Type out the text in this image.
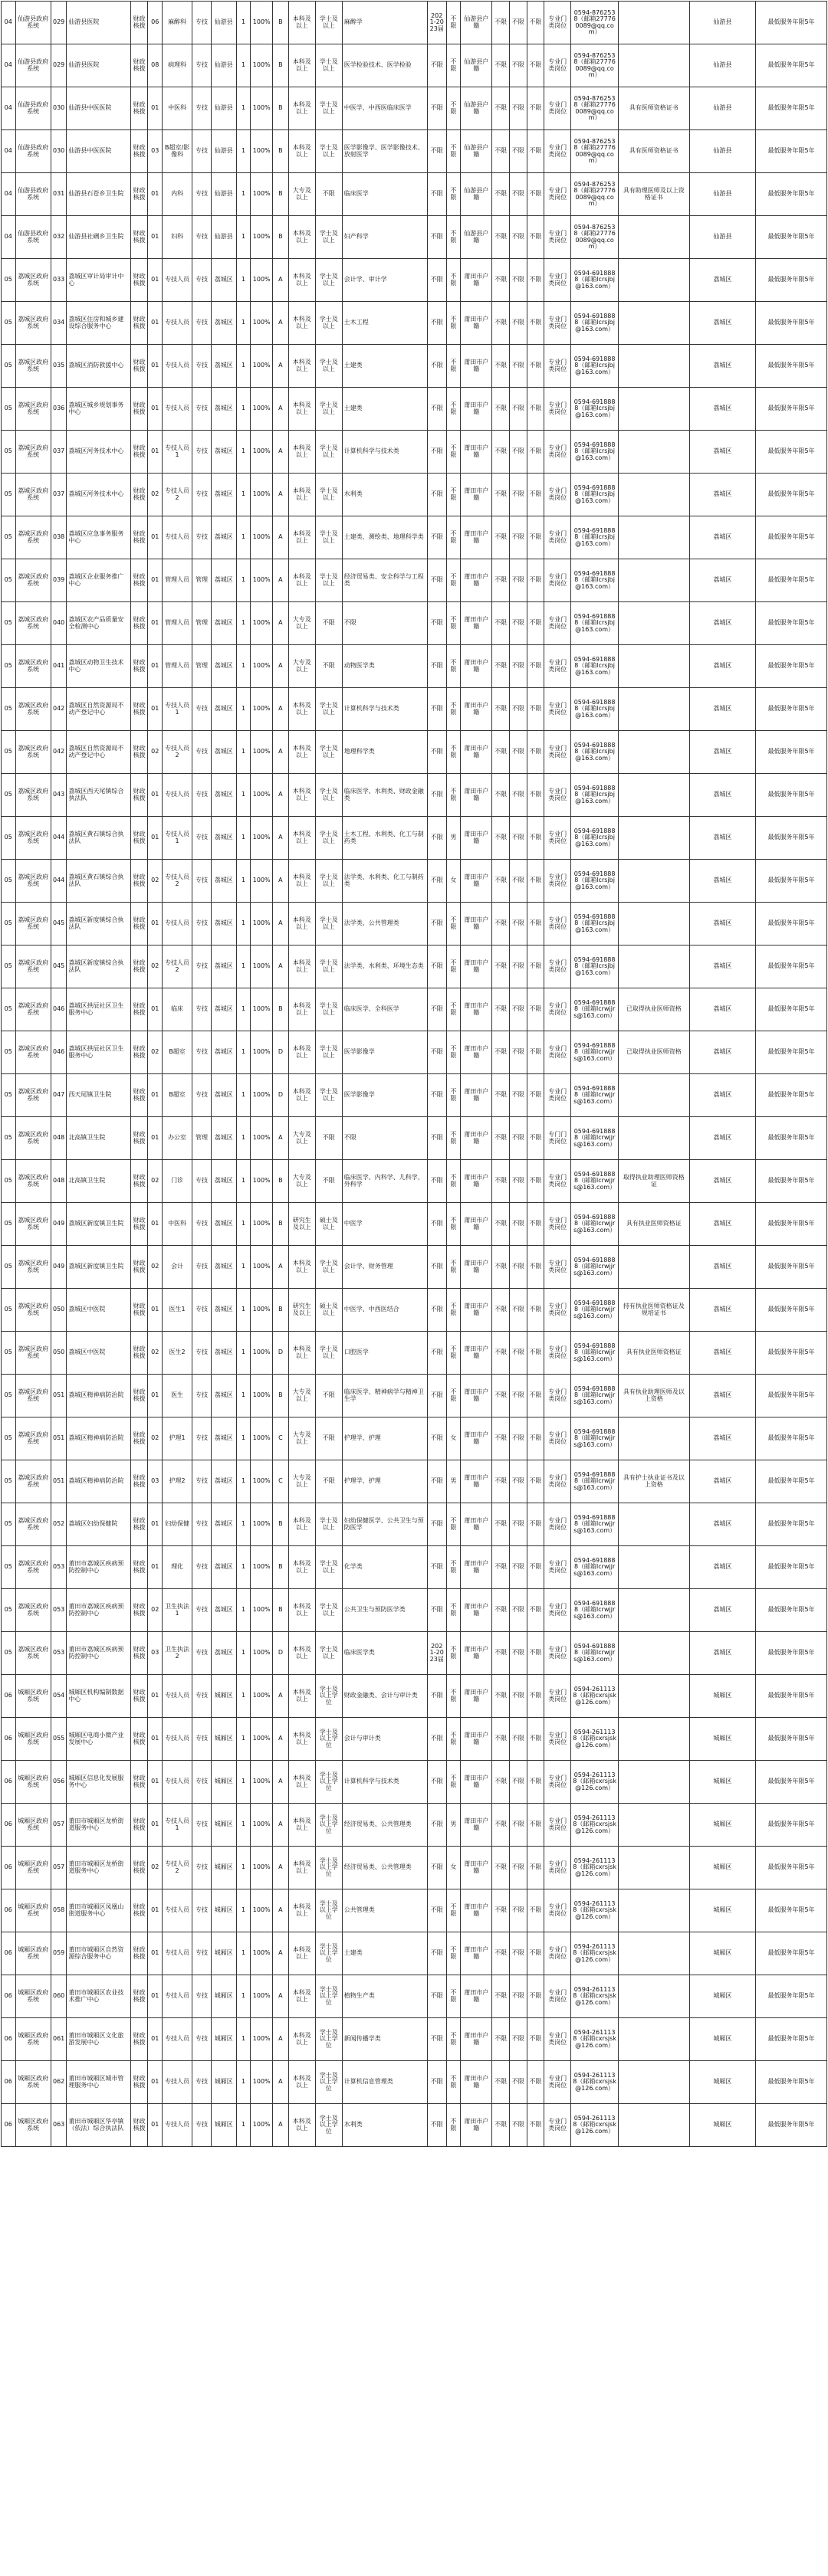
04	仙游县政府系统	029	仙游县医院	财政核拨	06	麻醉科	专技	仙游县	1	100%	B	本科及以上	学士及以上	麻醉学	2021-2023届	不限	仙游县户籍	不限	不限	不限	专业门类岗位	0594-8762538（邮箱277760089@qq.com）		仙游县	最低服务年限5年
04	仙游县政府系统	029	仙游县医院	财政核拨	08	病理科	专技	仙游县	1	100%	B	本科及以上	学士及以上	医学检验技术、医学检验	不限	不限	仙游县户籍	不限	不限	不限	专业门类岗位	0594-8762538（邮箱277760089@qq.com）		仙游县	最低服务年限5年
04	仙游县政府系统	030	仙游县中医医院	财政核拨	01	中医科	专技	仙游县	1	100%	B	本科及以上	学士及以上	中医学、中西医临床医学	不限	不限	仙游县户籍	不限	不限	不限	专业门类岗位	0594-8762538（邮箱277760089@qq.com）	具有医师资格证书	仙游县	最低服务年限5年
04	仙游县政府系统	030	仙游县中医医院	财政核拨	03	B超室/影像科	专技	仙游县	1	100%	B	本科及以上	学士及以上	医学影像学、医学影像技术、放射医学	不限	不限	仙游县户籍	不限	不限	不限	专业门类岗位	0594-8762538（邮箱277760089@qq.com）	具有医师资格证书	仙游县	最低服务年限5年
04	仙游县政府系统	031	仙游县石苍乡卫生院	财政核拨	01	内科	专技	仙游县	1	100%	B	大专及以上	不限	临床医学	不限	不限	仙游县户籍	不限	不限	不限	专业门类岗位	0594-8762538（邮箱277760089@qq.com）	具有助理医师及以上资格证书	仙游县	最低服务年限5年
04	仙游县政府系统	032	仙游县社硎乡卫生院	财政核拨	01	妇科	专技	仙游县	1	100%	B	本科及以上	学士及以上	妇产科学	不限	不限	仙游县户籍	不限	不限	不限	专业门类岗位	0594-8762538（邮箱277760089@qq.com）		仙游县	最低服务年限5年
05	荔城区政府系统	033	荔城区审计局审计中心	财政核拨	01	专技人员	专技	荔城区	1	100%	A	本科及以上	学士及以上	会计学、审计学	不限	不限	莆田市户籍	不限	不限	不限	专业门类岗位	0594-6918888（邮箱lcrsjbj@163.com）		荔城区	最低服务年限5年
05	荔城区政府系统	034	荔城区住房和城乡建设综合服务中心	财政核拨	01	专技人员	专技	荔城区	1	100%	A	本科及以上	学士及以上	土木工程	不限	不限	莆田市户籍	不限	不限	不限	专业门类岗位	0594-6918888（邮箱lcrsjbj@163.com）		荔城区	最低服务年限5年
05	荔城区政府系统	035	荔城区消防救援中心	财政核拨	01	专技人员	专技	荔城区	1	100%	A	本科及以上	学士及以上	土建类	不限	不限	莆田市户籍	不限	不限	不限	专业门类岗位	0594-6918888（邮箱lcrsjbj@163.com）		荔城区	最低服务年限5年
05	荔城区政府系统	036	荔城区城乡规划事务中心	财政核拨	01	专技人员	专技	荔城区	1	100%	A	本科及以上	学士及以上	土建类	不限	不限	莆田市户籍	不限	不限	不限	专业门类岗位	0594-6918888（邮箱lcrsjbj@163.com）		荔城区	最低服务年限5年
05	荔城区政府系统	037	荔城区河务技术中心	财政核拨	01	专技人员1	专技	荔城区	1	100%	A	本科及以上	学士及以上	计算机科学与技术类	不限	不限	莆田市户籍	不限	不限	不限	专业门类岗位	0594-6918888（邮箱lcrsjbj@163.com）		荔城区	最低服务年限5年
05	荔城区政府系统	037	荔城区河务技术中心	财政核拨	02	专技人员2	专技	荔城区	1	100%	A	本科及以上	学士及以上	水利类	不限	不限	莆田市户籍	不限	不限	不限	专业门类岗位	0594-6918888（邮箱lcrsjbj@163.com）		荔城区	最低服务年限5年
05	荔城区政府系统	038	荔城区应急事务服务中心	财政核拨	01	专技人员	专技	荔城区	1	100%	A	本科及以上	学士及以上	土建类、测绘类、地理科学类	不限	不限	莆田市户籍	不限	不限	不限	专业门类岗位	0594-6918888（邮箱lcrsjbj@163.com）		荔城区	最低服务年限5年
05	荔城区政府系统	039	荔城区企业服务推广中心	财政核拨	01	管理人员	管理	荔城区	1	100%	A	本科及以上	学士及以上	经济贸易类、安全科学与工程类	不限	不限	莆田市户籍	不限	不限	不限	专业门类岗位	0594-6918888（邮箱lcrsjbj@163.com）		荔城区	最低服务年限5年
05	荔城区政府系统	040	荔城区农产品质量安全检测中心	财政核拨	01	管理人员	管理	荔城区	1	100%	A	大专及以上	不限	不限	不限	不限	莆田市户籍	不限	不限	不限	专业门类岗位	0594-6918888（邮箱lcrsjbj@163.com）		荔城区	最低服务年限5年
05	荔城区政府系统	041	荔城区动物卫生技术中心	财政核拨	01	管理人员	管理	荔城区	1	100%	A	大专及以上	不限	动物医学类	不限	不限	莆田市户籍	不限	不限	不限	专业门类岗位	0594-6918888（邮箱lcrsjbj@163.com）		荔城区	最低服务年限5年
05	荔城区政府系统	042	荔城区自然资源局不动产登记中心	财政核拨	01	专技人员1	专技	荔城区	1	100%	A	本科及以上	学士及以上	计算机科学与技术类	不限	不限	莆田市户籍	不限	不限	不限	专业门类岗位	0594-6918888（邮箱lcrsjbj@163.com）		荔城区	最低服务年限5年
05	荔城区政府系统	042	荔城区自然资源局不动产登记中心	财政核拨	02	专技人员2	专技	荔城区	1	100%	A	本科及以上	学士及以上	地理科学类	不限	不限	莆田市户籍	不限	不限	不限	专业门类岗位	0594-6918888（邮箱lcrsjbj@163.com）		荔城区	最低服务年限5年
05	荔城区政府系统	043	荔城区西天尾镇综合执法队	财政核拨	01	专技人员	专技	荔城区	1	100%	A	本科及以上	学士及以上	临床医学、水利类、财政金融类	不限	不限	莆田市户籍	不限	不限	不限	专业门类岗位	0594-6918888（邮箱lcrsjbj@163.com）		荔城区	最低服务年限5年
05	荔城区政府系统	044	荔城区黄石镇综合执法队	财政核拨	01	专技人员1	专技	荔城区	1	100%	A	本科及以上	学士及以上	土木工程、水利类、化工与制药类	不限	男	莆田市户籍	不限	不限	不限	专业门类岗位	0594-6918888（邮箱lcrsjbj@163.com）		荔城区	最低服务年限5年
05	荔城区政府系统	044	荔城区黄石镇综合执法队	财政核拨	02	专技人员2	专技	荔城区	1	100%	A	本科及以上	学士及以上	法学类、水利类、化工与制药类	不限	女	莆田市户籍	不限	不限	不限	专业门类岗位	0594-6918888（邮箱lcrsjbj@163.com）		荔城区	最低服务年限5年
05	荔城区政府系统	045	荔城区新度镇综合执法队	财政核拨	01	专技人员	专技	荔城区	1	100%	A	本科及以上	学士及以上	法学类、公共管理类	不限	不限	莆田市户籍	不限	不限	不限	专业门类岗位	0594-6918888（邮箱lcrsjbj@163.com）		荔城区	最低服务年限5年
05	荔城区政府系统	045	荔城区新度镇综合执法队	财政核拨	02	专技人员2	专技	荔城区	1	100%	A	本科及以上	学士及以上	法学类、水利类、环境生态类	不限	不限	莆田市户籍	不限	不限	不限	专业门类岗位	0594-6918888（邮箱lcrsjbj@163.com）		荔城区	最低服务年限5年
05	荔城区政府系统	046	荔城区拱辰社区卫生服务中心	财政核拨	01	临床	专技	荔城区	1	100%	B	本科及以上	学士及以上	临床医学、全科医学	不限	不限	莆田市户籍	不限	不限	不限	专业门类岗位	0594-6918888（邮箱lcrwjjrs@163.com）	已取得执业医师资格	荔城区	最低服务年限5年
05	荔城区政府系统	046	荔城区拱辰社区卫生服务中心	财政核拨	02	B超室	专技	荔城区	1	100%	D	本科及以上	学士及以上	医学影像学	不限	不限	莆田市户籍	不限	不限	不限	专业门类岗位	0594-6918888（邮箱lcrwjjrs@163.com）	已取得执业医师资格	荔城区	最低服务年限5年
05	荔城区政府系统	047	西天尾镇卫生院	财政核拨	01	B超室	专技	荔城区	1	100%	D	本科及以上	学士及以上	医学影像学	不限	不限	莆田市户籍	不限	不限	不限	专业门类岗位	0594-6918888（邮箱lcrwjjrs@163.com）		荔城区	最低服务年限5年
05	荔城区政府系统	048	北高镇卫生院	财政核拨	01	办公室	管理	荔城区	1	100%	A	大专及以上	不限	不限	不限	不限	莆田市户籍	不限	不限	不限	专门门类岗位	0594-6918888（邮箱lcrwjjrs@163.com）		荔城区	最低服务年限5年
05	荔城区政府系统	048	北高镇卫生院	财政核拨	02	门诊	专技	荔城区	1	100%	B	大专及以上	不限	临床医学、内科学、儿科学、外科学	不限	不限	莆田市户籍	不限	不限	不限	专业门类岗位	0594-6918888（邮箱lcrwjjrs@163.com）	取得执业助理医师资格证	荔城区	最低服务年限5年
05	荔城区政府系统	049	荔城区新度镇卫生院	财政核拨	01	中医科	专技	荔城区	1	100%	B	研究生及以上	硕士及以上	中医学	不限	不限	莆田市户籍	不限	不限	不限	专业门类岗位	0594-6918888（邮箱lcrwjjrs@163.com）	具有执业医师资格证	荔城区	最低服务年限5年
05	荔城区政府系统	049	荔城区新度镇卫生院	财政核拨	02	会计	专技	荔城区	1	100%	A	本科及以上	学士及以上	会计学、财务管理	不限	不限	莆田市户籍	不限	不限	不限	专业门类岗位	0594-6918888（邮箱lcrwjjrs@163.com）		荔城区	最低服务年限5年
05	荔城区政府系统	050	荔城区中医院	财政核拨	01	医生1	专技	荔城区	1	100%	B	研究生及以上	硕士及以上	中医学、中西医结合	不限	不限	莆田市户籍	不限	不限	不限	专业门类岗位	0594-6918888（邮箱lcrwjjrs@163.com）	持有执业医师资格证及规培证书	荔城区	最低服务年限5年
05	荔城区政府系统	050	荔城区中医院	财政核拨	02	医生2	专技	荔城区	1	100%	D	本科及以上	学士及以上	口腔医学	不限	不限	莆田市户籍	不限	不限	不限	专业门类岗位	0594-6918888（邮箱lcrwjjrs@163.com）	具有执业医师资格证	荔城区	最低服务年限5年
05	荔城区政府系统	051	荔城区精神病防治院	财政核拨	01	医生	专技	荔城区	1	100%	B	大专及以上	不限	临床医学、精神病学与精神卫生学	不限	不限	莆田市户籍	不限	不限	不限	专业门类岗位	0594-6918888（邮箱lcrwjjrs@163.com）	具有执业助理医师及以上资格	荔城区	最低服务年限5年
05	荔城区政府系统	051	荔城区精神病防治院	财政核拨	02	护理1	专技	荔城区	1	100%	C	大专及以上	不限	护理学、护理	不限	女	莆田市户籍	不限	不限	不限	专业门类岗位	0594-6918888（邮箱lcrwjjrs@163.com）		荔城区	最低服务年限5年
05	荔城区政府系统	051	荔城区精神病防治院	财政核拨	03	护理2	专技	荔城区	1	100%	C	大专及以上	不限	护理学、护理	不限	男	莆田市户籍	不限	不限	不限	专业门类岗位	0594-6918888（邮箱lcrwjjrs@163.com）	具有护士执业证书及以上资格	荔城区	最低服务年限5年
05	荔城区政府系统	052	荔城区妇幼保健院	财政核拨	01	妇幼保健	专技	荔城区	1	100%	B	本科及以上	学士及以上	妇幼保健医学、公共卫生与预防医学	不限	不限	莆田市户籍	不限	不限	不限	专业门类岗位	0594-6918888（邮箱lcrwjjrs@163.com）		荔城区	最低服务年限5年
05	荔城区政府系统	053	莆田市荔城区疾病预防控制中心	财政核拨	01	理化	专技	荔城区	1	100%	B	本科及以上	学士及以上	化学类	不限	不限	莆田市户籍	不限	不限	不限	专业门类岗位	0594-6918888（邮箱lcrwjjrs@163.com）		荔城区	最低服务年限5年
05	荔城区政府系统	053	莆田市荔城区疾病预防控制中心	财政核拨	02	卫生执法1	专技	荔城区	1	100%	B	本科及以上	学士及以上	公共卫生与预防医学类	不限	不限	莆田市户籍	不限	不限	不限	专业门类岗位	0594-6918888（邮箱lcrwjjrs@163.com）		荔城区	最低服务年限5年
05	荔城区政府系统	053	莆田市荔城区疾病预防控制中心	财政核拨	03	卫生执法2	专技	荔城区	1	100%	D	本科及以上	学士及以上	临床医学类	2021-2023届	不限	莆田市户籍	不限	不限	不限	专业门类岗位	0594-6918888（邮箱lcrwjjrs@163.com）		荔城区	最低服务年限5年
06	城厢区政府系统	054	城厢区机构编制数据中心	财政核拨	01	专技人员	专技	城厢区	1	100%	A	本科及以上	学士及以上学位	财政金融类、会计与审计类	不限	不限	莆田市户籍	不限	不限	不限	专业门类岗位	0594-2611138（邮箱cxrsjsk@126.com）		城厢区	最低服务年限5年
06	城厢区政府系统	055	城厢区电商小微产业发展中心	财政核拨	01	专技人员	专技	城厢区	1	100%	A	本科及以上	学士及以上学位	会计与审计类	不限	不限	莆田市户籍	不限	不限	不限	专业门类岗位	0594-2611138（邮箱cxrsjsk@126.com）		城厢区	最低服务年限5年
06	城厢区政府系统	056	城厢区信息化发展服务中心	财政核拨	01	专技人员	专技	城厢区	1	100%	A	本科及以上	学士及以上学位	计算机科学与技术类	不限	不限	莆田市户籍	不限	不限	不限	专业门类岗位	0594-2611138（邮箱cxrsjsk@126.com）		城厢区	最低服务年限5年
06	城厢区政府系统	057	莆田市城厢区龙桥街道服务中心	财政核拨	01	专技人员1	专技	城厢区	1	100%	A	本科及以上	学士及以上学位	经济贸易类、公共管理类	不限	男	莆田市户籍	不限	不限	不限	专业门类岗位	0594-2611138（邮箱cxrsjsk@126.com）		城厢区	最低服务年限5年
06	城厢区政府系统	057	莆田市城厢区龙桥街道服务中心	财政核拨	02	专技人员2	专技	城厢区	1	100%	A	本科及以上	学士及以上学位	经济贸易类、公共管理类	不限	女	莆田市户籍	不限	不限	不限	专业门类岗位	0594-2611138（邮箱cxrsjsk@126.com）		城厢区	最低服务年限5年
06	城厢区政府系统	058	莆田市城厢区凤凰山街道服务中心	财政核拨	01	专技人员	专技	城厢区	1	100%	A	本科及以上	学士及以上学位	公共管理类	不限	不限	莆田市户籍	不限	不限	不限	专业门类岗位	0594-2611138（邮箱cxrsjsk@126.com）		城厢区	最低服务年限5年
06	城厢区政府系统	059	莆田市城厢区自然资源综合服务中心	财政核拨	01	专技人员	专技	城厢区	1	100%	A	本科及以上	学士及以上学位	土建类	不限	不限	莆田市户籍	不限	不限	不限	专业门类岗位	0594-2611138（邮箱cxrsjsk@126.com）		城厢区	最低服务年限5年
06	城厢区政府系统	060	莆田市城厢区农业技术推广中心	财政核拨	01	专技人员	专技	城厢区	1	100%	A	本科及以上	学士及以上学位	植物生产类	不限	不限	莆田市户籍	不限	不限	不限	专业门类岗位	0594-2611138（邮箱cxrsjsk@126.com）		城厢区	最低服务年限5年
06	城厢区政府系统	061	莆田市城厢区文化旅游发展中心	财政核拨	01	专技人员	专技	城厢区	1	100%	A	本科及以上	学士及以上学位	新闻传播学类	不限	不限	莆田市户籍	不限	不限	不限	专业门类岗位	0594-2611138（邮箱cxrsjsk@126.com）		城厢区	最低服务年限5年
06	城厢区政府系统	062	莆田市城厢区城市管理服务中心	财政核拨	01	专技人员	专技	城厢区	1	100%	A	本科及以上	学士及以上学位	计算机信息管理类	不限	不限	莆田市户籍	不限	不限	不限	专业门类岗位	0594-2611138（邮箱cxrsjsk@126.com）		城厢区	最低服务年限5年
06	城厢区政府系统	063	莆田市城厢区华亭镇（依法）综合执法队	财政核拨	01	专技人员	专技	城厢区	1	100%	A	本科及以上	学士及以上学位	水利类	不限	不限	莆田市户籍	不限	不限	不限	专业门类岗位	0594-2611138（邮箱cxrsjsk@126.com）		城厢区	最低服务年限5年
